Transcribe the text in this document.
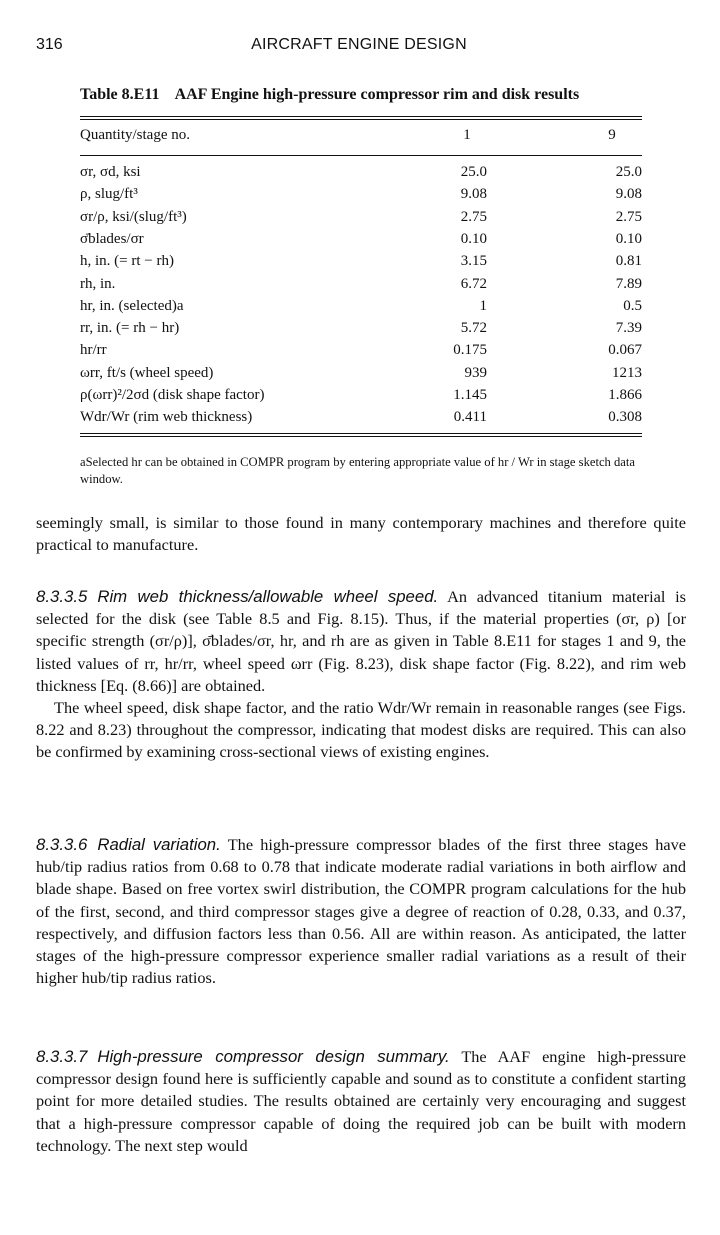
316	AIRCRAFT ENGINE DESIGN
Table 8.E11 AAF Engine high-pressure compressor rim and disk results
Quantity/stage no.	1	9
σr, σd, ksi	25.0	25.0
ρ, slug/ft³	9.08	9.08
σr/ρ, ksi/(slug/ft³)	2.75	2.75
σ̄blades/σr	0.10	0.10
h, in. (= rt − rh)	3.15	0.81
rh, in.	6.72	7.89
hr, in. (selected)a	1	0.5
rr, in. (= rh − hr)	5.72	7.39
hr/rr	0.175	0.067
ωrr, ft/s (wheel speed)	939	1213
ρ(ωrr)²/2σd (disk shape factor)	1.145	1.866
Wdr/Wr (rim web thickness)	0.411	0.308
aSelected hr can be obtained in COMPR program by entering appropriate value of hr / Wr in stage sketch data window.

seemingly small, is similar to those found in many contemporary machines and therefore quite practical to manufacture.

8.3.3.5 Rim web thickness/allowable wheel speed. An advanced titanium material is selected for the disk (see Table 8.5 and Fig. 8.15). Thus, if the material properties (σr, ρ) [or specific strength (σr/ρ)], σ̄blades/σr, hr, and rh are as given in Table 8.E11 for stages 1 and 9, the listed values of rr, hr/rr, wheel speed ωrr (Fig. 8.23), disk shape factor (Fig. 8.22), and rim web thickness [Eq. (8.66)] are obtained.

The wheel speed, disk shape factor, and the ratio Wdr/Wr remain in reasonable ranges (see Figs. 8.22 and 8.23) throughout the compressor, indicating that modest disks are required. This can also be confirmed by examining cross-sectional views of existing engines.

8.3.3.6 Radial variation. The high-pressure compressor blades of the first three stages have hub/tip radius ratios from 0.68 to 0.78 that indicate moderate radial variations in both airflow and blade shape. Based on free vortex swirl distribution, the COMPR program calculations for the hub of the first, second, and third compressor stages give a degree of reaction of 0.28, 0.33, and 0.37, respectively, and diffusion factors less than 0.56. All are within reason. As anticipated, the latter stages of the high-pressure compressor experience smaller radial variations as a result of their higher hub/tip radius ratios.

8.3.3.7 High-pressure compressor design summary. The AAF engine high-pressure compressor design found here is sufficiently capable and sound as to constitute a confident starting point for more detailed studies. The results obtained are certainly very encouraging and suggest that a high-pressure compressor capable of doing the required job can be built with modern technology. The next step would
